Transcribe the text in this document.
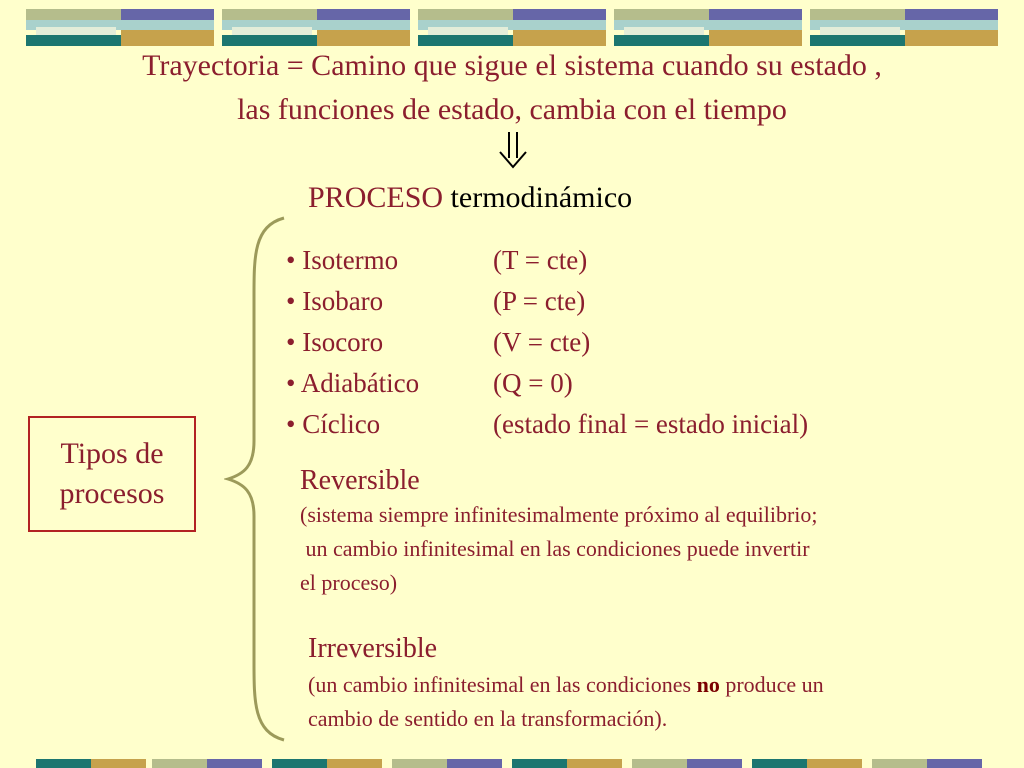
Trayectoria = Camino que sigue el sistema cuando su estado ,
las funciones de estado, cambia con el tiempo
PROCESO termodinámico
Tipos de
procesos
• Isotermo	(T = cte)
• Isobaro	(P = cte)
• Isocoro	(V = cte)
• Adiabático	(Q = 0)
• Cíclico	(estado final = estado inicial)
Reversible
(sistema siempre infinitesimalmente próximo al equilibrio;
un cambio infinitesimal en las condiciones puede invertir
el proceso)
Irreversible
(un cambio infinitesimal en las condiciones no produce un
cambio de sentido en la transformación).
